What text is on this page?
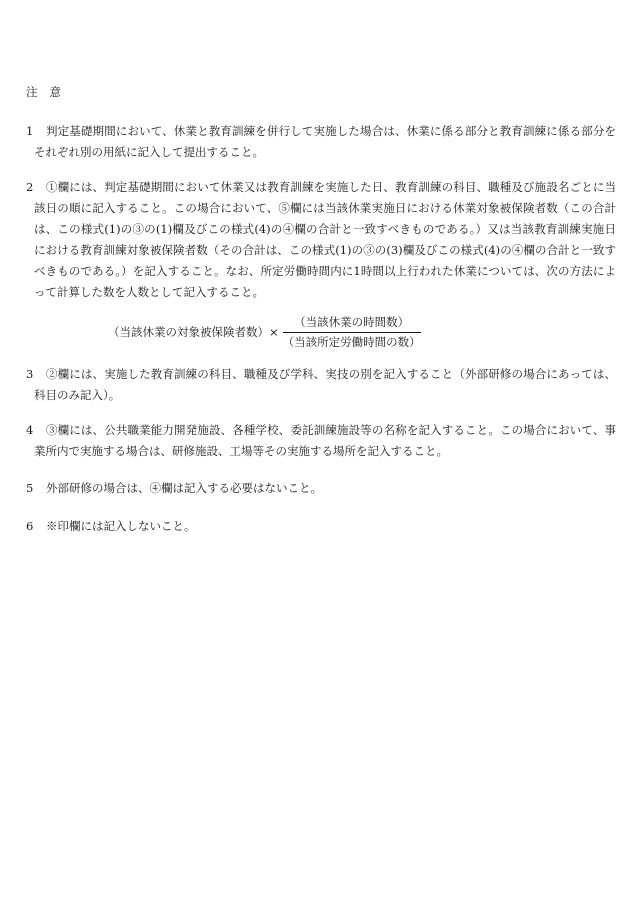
注 意
1	判定基礎期間において、休業と教育訓練を併行して実施した場合は、休業に係る部分と教育訓練に係る部分をそれぞれ別の用紙に記入して提出すること。
2	①欄には、判定基礎期間において休業又は教育訓練を実施した日、教育訓練の科目、職種及び施設名ごとに当該日の順に記入すること。この場合において、⑤欄には当該休業実施日における休業対象被保険者数（この合計は、この様式(1)の③の(1)欄及びこの様式(4)の④欄の合計と一致すべきものである。）又は当該教育訓練実施日における教育訓練対象被保険者数（その合計は、この様式(1)の③の(3)欄及びこの様式(4)の④欄の合計と一致すべきものである。）を記入すること。なお、所定労働時間内に1時間以上行われた休業については、次の方法によって計算した数を人数として記入すること。
（当該休業の対象被保険者数）× $\frac{\text{（当該休業の時間数）}}{\text{（当該所定労働時間の数）}}$
3	②欄には、実施した教育訓練の科目、職種及び学科、実技の別を記入すること（外部研修の場合にあっては、科目のみ記入）。
4	③欄には、公共職業能力開発施設、各種学校、委託訓練施設等の名称を記入すること。この場合において、事業所内で実施する場合は、研修施設、工場等その実施する場所を記入すること。
5	外部研修の場合は、④欄は記入する必要はないこと。
6	※印欄には記入しないこと。
